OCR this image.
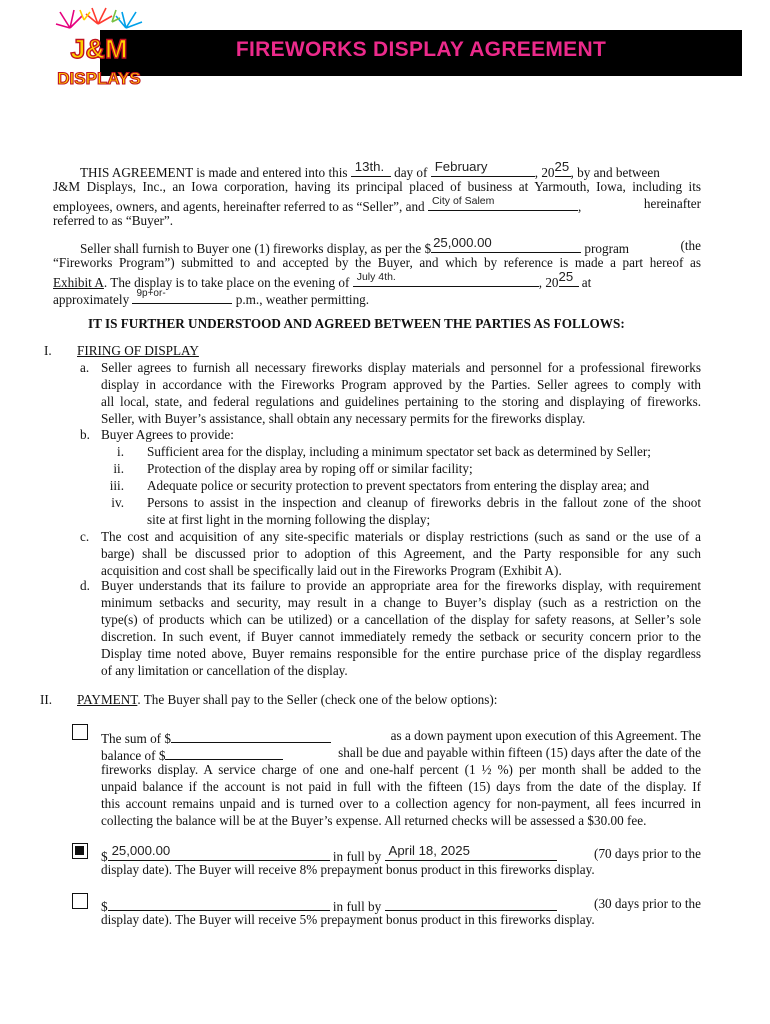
FIREWORKS DISPLAY AGREEMENT
J&M
DISPLAYS
THIS AGREEMENT is made and entered into this 13th. day of February	, 20 25 , by and between
J&M Displays, Inc., an Iowa corporation, having its principal placed of business at Yarmouth, Iowa, including its
employees, owners, and agents, hereinafter referred to as “Seller”, and City of Salem	,	hereinafter
referred to as “Buyer”.
Seller shall furnish to Buyer one (1) fireworks display, as per the $ 25,000.00	program	(the
“Fireworks Program”) submitted to and accepted by the Buyer, and which by reference is made a part hereof as
Exhibit A. The display is to take place on the evening of July 4th.	, 20 25 at
approximately 9p+or-	p.m., weather permitting.
IT IS FURTHER UNDERSTOOD AND AGREED BETWEEN THE PARTIES AS FOLLOWS:
I. FIRING OF DISPLAY
a. Seller agrees to furnish all necessary fireworks display materials and personnel for a professional fireworks
display in accordance with the Fireworks Program approved by the Parties. Seller agrees to comply with
all local, state, and federal regulations and guidelines pertaining to the storing and displaying of fireworks.
Seller, with Buyer’s assistance, shall obtain any necessary permits for the fireworks display.
b. Buyer Agrees to provide:
i. Sufficient area for the display, including a minimum spectator set back as determined by Seller;
ii. Protection of the display area by roping off or similar facility;
iii. Adequate police or security protection to prevent spectators from entering the display area; and
iv. Persons to assist in the inspection and cleanup of fireworks debris in the fallout zone of the shoot
site at first light in the morning following the display;
c. The cost and acquisition of any site-specific materials or display restrictions (such as sand or the use of a
barge) shall be discussed prior to adoption of this Agreement, and the Party responsible for any such
acquisition and cost shall be specifically laid out in the Fireworks Program (Exhibit A).
d. Buyer understands that its failure to provide an appropriate area for the fireworks display, with requirement
minimum setbacks and security, may result in a change to Buyer’s display (such as a restriction on the
type(s) of products which can be utilized) or a cancellation of the display for safety reasons, at Seller’s sole
discretion. In such event, if Buyer cannot immediately remedy the setback or security concern prior to the
Display time noted above, Buyer remains responsible for the entire purchase price of the display regardless
of any limitation or cancellation of the display.
II. PAYMENT. The Buyer shall pay to the Seller (check one of the below options):
The sum of $	as a down payment upon execution of this Agreement. The
balance of $	shall be due and payable within fifteen (15) days after the date of the
fireworks display. A service charge of one and one-half percent (1 ½ %) per month shall be added to the
unpaid balance if the account is not paid in full with the fifteen (15) days from the date of the display. If
this account remains unpaid and is turned over to a collection agency for non-payment, all fees incurred in
collecting the balance will be at the Buyer’s expense. All returned checks will be assessed a $30.00 fee.
$ 25,000.00	in full by April 18, 2025	(70 days prior to the
display date). The Buyer will receive 8% prepayment bonus product in this fireworks display.
$	in full by	(30 days prior to the
display date). The Buyer will receive 5% prepayment bonus product in this fireworks display.
